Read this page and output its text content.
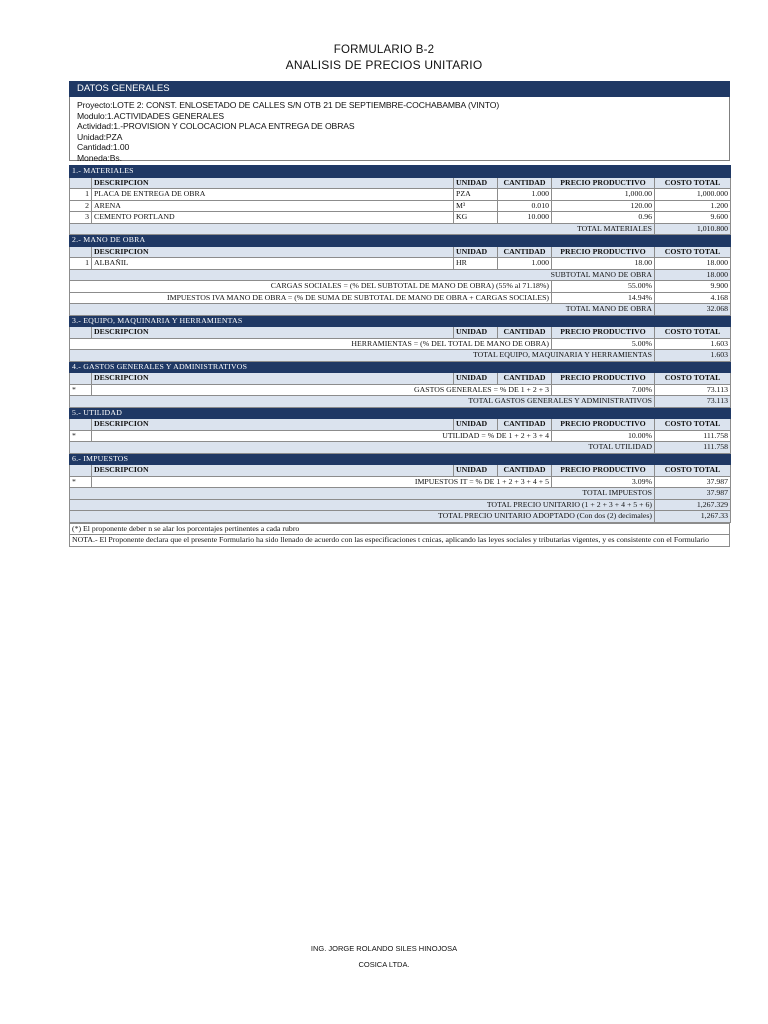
FORMULARIO B-2
ANALISIS DE PRECIOS UNITARIO
DATOS GENERALES
Proyecto:LOTE 2: CONST. ENLOSETADO DE CALLES S/N OTB 21 DE SEPTIEMBRE-COCHABAMBA (VINTO)
Modulo:1.ACTIVIDADES GENERALES
Actividad:1.-PROVISION Y COLOCACION PLACA ENTREGA DE OBRAS
Unidad:PZA
Cantidad:1.00
Moneda:Bs.
1.- MATERIALES					
	DESCRIPCION	UNIDAD	CANTIDAD	PRECIO PRODUCTIVO	COSTO TOTAL
1	PLACA DE ENTREGA DE OBRA	PZA	1.000	1,000.00	1,000.000
2	ARENA	M³	0.010	120.00	1.200
3	CEMENTO PORTLAND	KG	10.000	0.96	9.600
TOTAL MATERIALES					1,010.800
2.- MANO DE OBRA					
	DESCRIPCION	UNIDAD	CANTIDAD	PRECIO PRODUCTIVO	COSTO TOTAL
1	ALBAÑIL	HR	1.000	18.00	18.000
SUBTOTAL MANO DE OBRA					18.000
CARGAS SOCIALES = (% DEL SUBTOTAL DE MANO DE OBRA) (55% al 71.18%)				55.00%	9.900
IMPUESTOS IVA MANO DE OBRA = (% DE SUMA DE SUBTOTAL DE MANO DE OBRA + CARGAS SOCIALES)				14.94%	4.168
TOTAL MANO DE OBRA					32.068
3.- EQUIPO, MAQUINARIA Y HERRAMIENTAS					
	DESCRIPCION	UNIDAD	CANTIDAD	PRECIO PRODUCTIVO	COSTO TOTAL
HERRAMIENTAS = (% DEL TOTAL DE MANO DE OBRA)				5.00%	1.603
TOTAL EQUIPO, MAQUINARIA Y HERRAMIENTAS					1.603
4.- GASTOS GENERALES Y ADMINISTRATIVOS					
	DESCRIPCION	UNIDAD	CANTIDAD	PRECIO PRODUCTIVO	COSTO TOTAL
*	GASTOS GENERALES = % DE 1 + 2 + 3			7.00%	73.113
TOTAL GASTOS GENERALES Y ADMINISTRATIVOS					73.113
5.- UTILIDAD					
	DESCRIPCION	UNIDAD	CANTIDAD	PRECIO PRODUCTIVO	COSTO TOTAL
*	UTILIDAD = % DE 1 + 2 + 3 + 4			10.00%	111.758
TOTAL UTILIDAD					111.758
6.- IMPUESTOS					
	DESCRIPCION	UNIDAD	CANTIDAD	PRECIO PRODUCTIVO	COSTO TOTAL
*	IMPUESTOS IT = % DE 1 + 2 + 3 + 4 + 5			3.09%	37.987
TOTAL IMPUESTOS					37.987
TOTAL PRECIO UNITARIO (1 + 2 + 3 + 4 + 5 + 6)					1,267.329
TOTAL PRECIO UNITARIO ADOPTADO (Con dos (2) decimales)					1,267.33
(*) El proponente deber n se alar los porcentajes pertinentes a cada rubro
NOTA.- El Proponente declara que el presente Formulario ha sido llenado de acuerdo con las especificaciones t cnicas, aplicando las leyes sociales y tributarias vigentes, y es consistente con el Formulario
ING. JORGE ROLANDO SILES HINOJOSA
COSICA LTDA.
